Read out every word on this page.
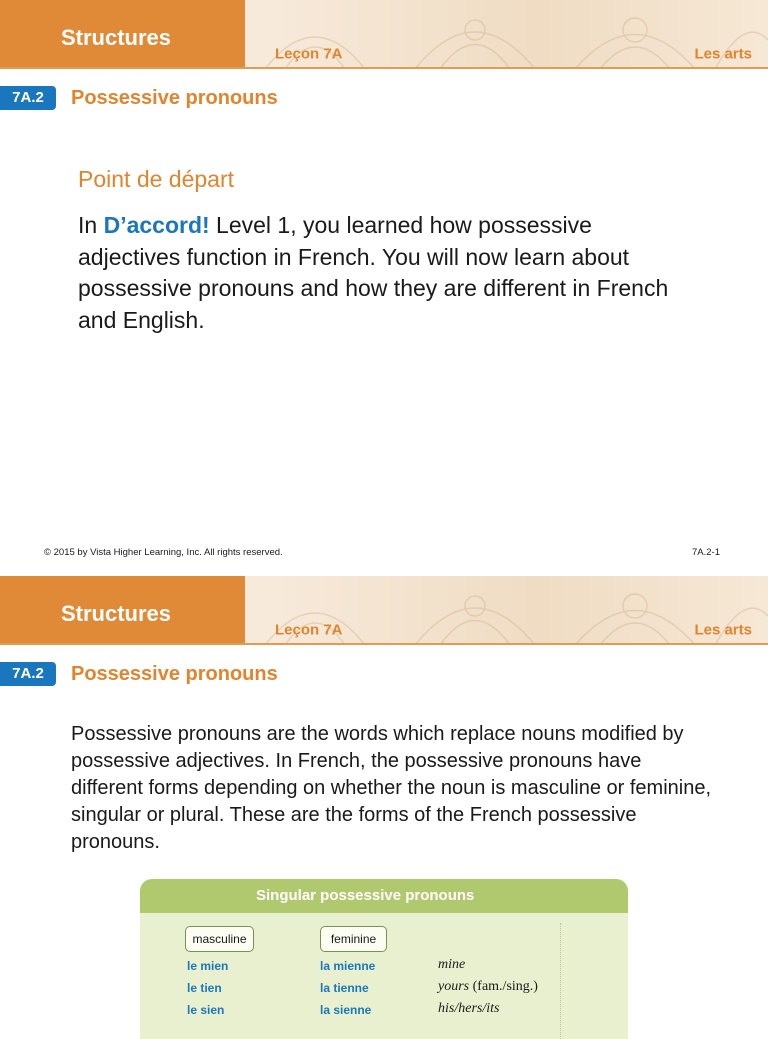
Structures
Leçon 7A	Les arts
7A.2	Possessive pronouns
Point de départ
In D’accord! Level 1, you learned how possessive adjectives function in French. You will now learn about possessive pronouns and how they are different in French and English.
© 2015 by Vista Higher Learning, Inc. All rights reserved.	7A.2-1
Structures
Leçon 7A	Les arts
7A.2	Possessive pronouns
Possessive pronouns are the words which replace nouns modified by possessive adjectives. In French, the possessive pronouns have different forms depending on whether the noun is masculine or feminine, singular or plural. These are the forms of the French possessive pronouns.
Singular possessive pronouns
masculine	feminine
le mien	la mienne	mine
le tien	la tienne	yours (fam./sing.)
le sien	la sienne	his/hers/its
